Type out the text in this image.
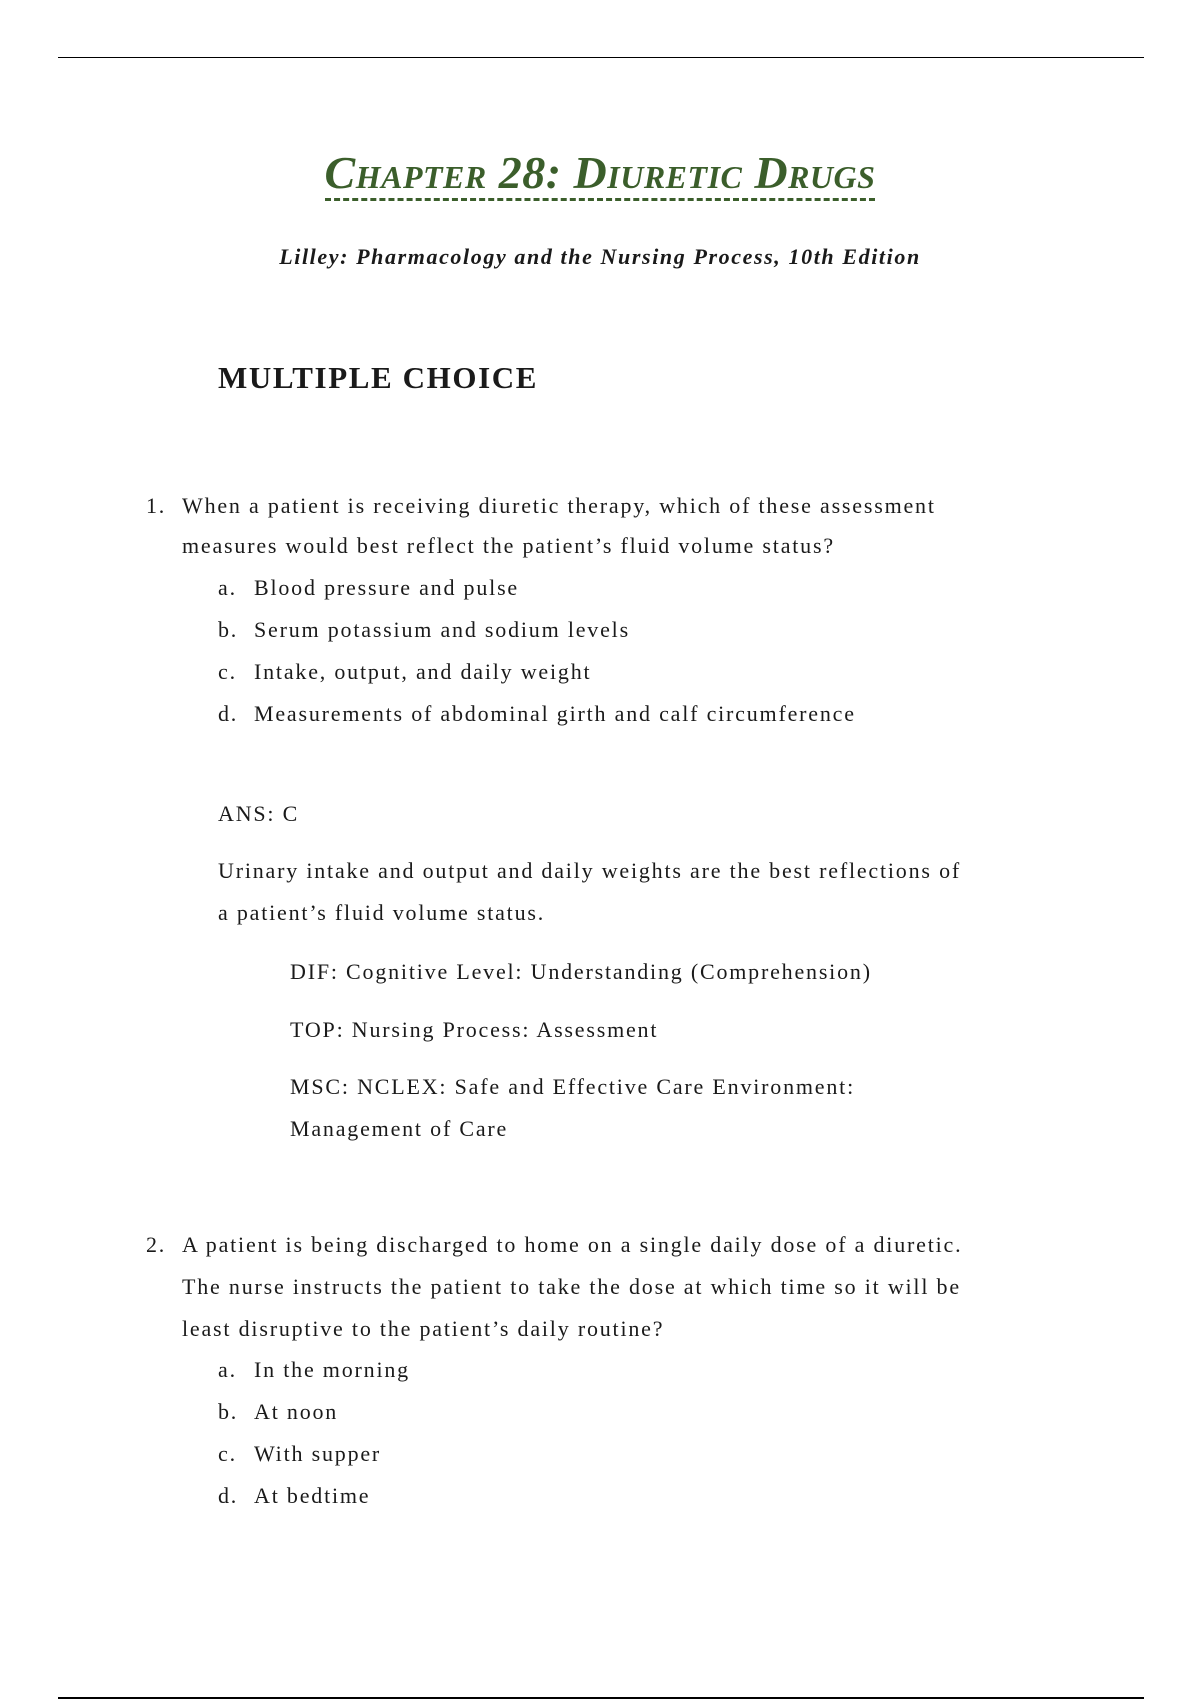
Chapter 28: Diuretic Drugs
Lilley: Pharmacology and the Nursing Process, 10th Edition
MULTIPLE CHOICE
1. When a patient is receiving diuretic therapy, which of these assessment
measures would best reflect the patient’s fluid volume status?
a. Blood pressure and pulse
b. Serum potassium and sodium levels
c. Intake, output, and daily weight
d. Measurements of abdominal girth and calf circumference
ANS: C
Urinary intake and output and daily weights are the best reflections of
a patient’s fluid volume status.
DIF: Cognitive Level: Understanding (Comprehension)
TOP: Nursing Process: Assessment
MSC: NCLEX: Safe and Effective Care Environment:
Management of Care
2. A patient is being discharged to home on a single daily dose of a diuretic.
The nurse instructs the patient to take the dose at which time so it will be
least disruptive to the patient’s daily routine?
a. In the morning
b. At noon
c. With supper
d. At bedtime
